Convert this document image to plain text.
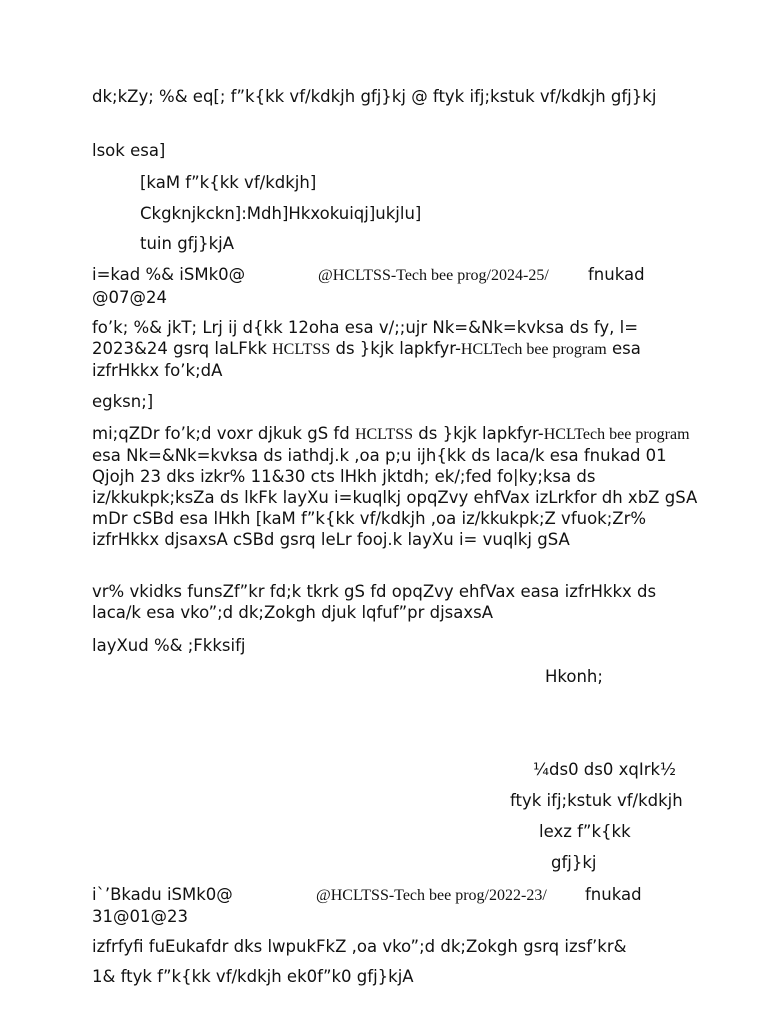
dk;kZy; %& eq[; f”k{kk vf/kdkjh gfj}kj @ ftyk ifj;kstuk vf/kdkjh gfj}kj
lsok esa]
[kaM f”k{kk vf/kdkjh]
Ckgknjkckn]:Mdh]Hkxokuiqj]ukjlu]
tuin gfj}kjA
i=kad %& iSMk0@	@HCLTSS-Tech bee prog/2024-25/ fnukad
@07@24
fo’k; %& jkT; Lrj ij d{kk 12oha esa v/;;ujr Nk=&Nk=kvksa ds fy, l= 2023&24 gsrq laLFkk HCLTSS ds }kjk lapkfyr-HCLTech bee program esa izfrHkkx fo’k;dA
egksn;]
mi;qZDr fo’k;d voxr djkuk gS fd HCLTSS ds }kjk lapkfyr-HCLTech bee program esa Nk=&Nk=kvksa ds iathdj.k ,oa p;u ijh{kk ds laca/k esa fnukad 01 Qjojh 23 dks izkr% 11&30 cts lHkh jktdh; ek/;fed fo|ky;ksa ds iz/kkukpk;ksZa ds lkFk layXu i=kuqlkj opqZvy ehfVax izLrkfor dh xbZ gSA mDr cSBd esa lHkh [kaM f”k{kk vf/kdkjh ,oa iz/kkukpk;Z vfuok;Zr% izfrHkkx djsaxsA cSBd gsrq leLr fooj.k layXu i= vuqlkj gSA
vr% vkidks funsZf”kr fd;k tkrk gS fd opqZvy ehfVax easa izfrHkkx ds laca/k esa vko”;d dk;Zokgh djuk lqfuf”pr djsaxsA
layXud %& ;Fkksifj
Hkonh;
¼ds0 ds0 xqIrk½
ftyk ifj;kstuk vf/kdkjh
lexz f”k{kk
gfj}kj
i`’Bkadu iSMk0@	@HCLTSS-Tech bee prog/2022-23/ fnukad
31@01@23
izfrfyfi fuEukafdr dks lwpukFkZ ,oa vko”;d dk;Zokgh gsrq izsf’kr&
1& ftyk f”k{kk vf/kdkjh ek0f”k0 gfj}kjA
